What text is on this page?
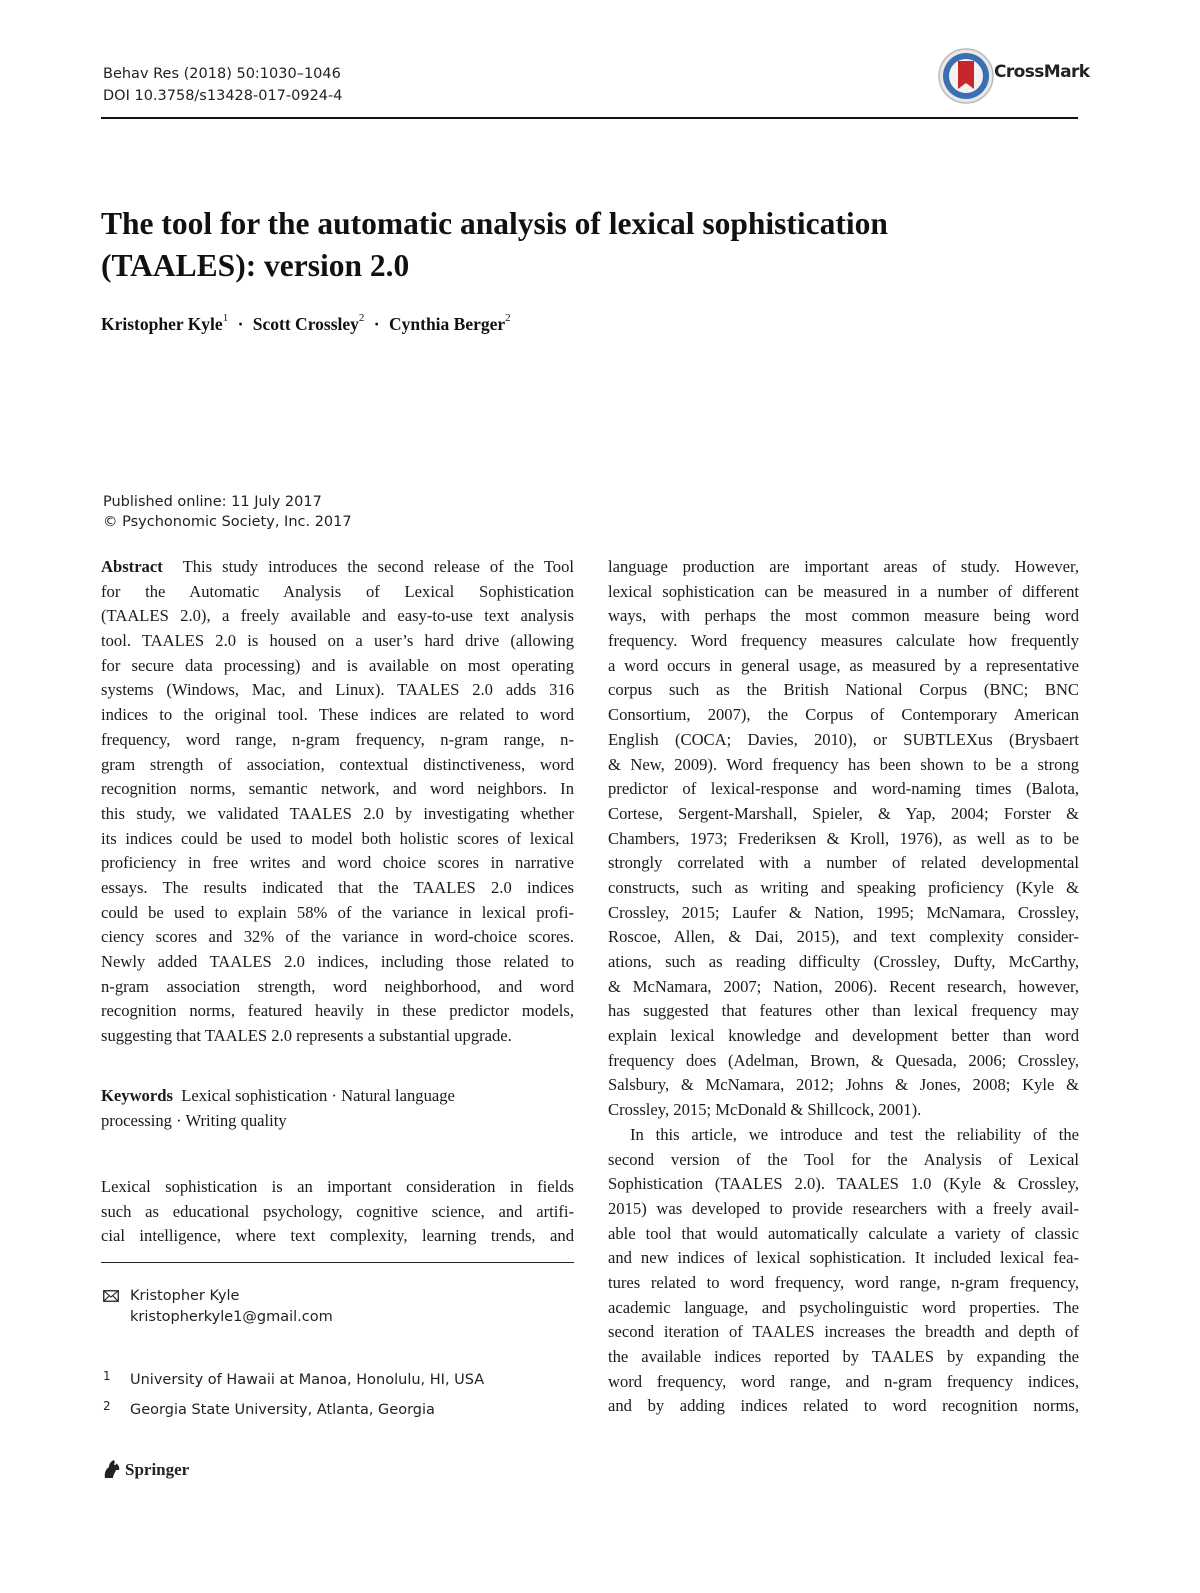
Behav Res (2018) 50:1030–1046
DOI 10.3758/s13428-017-0924-4
CrossMark
The tool for the automatic analysis of lexical sophistication
(TAALES): version 2.0
Kristopher Kyle$^1$ · Scott Crossley$^2$ · Cynthia Berger$^2$
Published online: 11 July 2017
© Psychonomic Society, Inc. 2017
Abstract This study introduces the second release of the Tool
for the Automatic Analysis of Lexical Sophistication
(TAALES 2.0), a freely available and easy-to-use text analysis
tool. TAALES 2.0 is housed on a user’s hard drive (allowing
for secure data processing) and is available on most operating
systems (Windows, Mac, and Linux). TAALES 2.0 adds 316
indices to the original tool. These indices are related to word
frequency, word range, n-gram frequency, n-gram range, n-
gram strength of association, contextual distinctiveness, word
recognition norms, semantic network, and word neighbors. In
this study, we validated TAALES 2.0 by investigating whether
its indices could be used to model both holistic scores of lexical
proficiency in free writes and word choice scores in narrative
essays. The results indicated that the TAALES 2.0 indices
could be used to explain 58% of the variance in lexical profi-
ciency scores and 32% of the variance in word-choice scores.
Newly added TAALES 2.0 indices, including those related to
n-gram association strength, word neighborhood, and word
recognition norms, featured heavily in these predictor models,
suggesting that TAALES 2.0 represents a substantial upgrade.
Keywords Lexical sophistication · Natural language
processing · Writing quality
Lexical sophistication is an important consideration in fields
such as educational psychology, cognitive science, and artifi-
cial intelligence, where text complexity, learning trends, and
Kristopher Kyle
kristopherkyle1@gmail.com
1 University of Hawaii at Manoa, Honolulu, HI, USA
2 Georgia State University, Atlanta, Georgia
Springer
language production are important areas of study. However,
lexical sophistication can be measured in a number of different
ways, with perhaps the most common measure being word
frequency. Word frequency measures calculate how frequently
a word occurs in general usage, as measured by a representative
corpus such as the British National Corpus (BNC; BNC
Consortium, 2007), the Corpus of Contemporary American
English (COCA; Davies, 2010), or SUBTLEXus (Brysbaert
& New, 2009). Word frequency has been shown to be a strong
predictor of lexical-response and word-naming times (Balota,
Cortese, Sergent-Marshall, Spieler, & Yap, 2004; Forster &
Chambers, 1973; Frederiksen & Kroll, 1976), as well as to be
strongly correlated with a number of related developmental
constructs, such as writing and speaking proficiency (Kyle &
Crossley, 2015; Laufer & Nation, 1995; McNamara, Crossley,
Roscoe, Allen, & Dai, 2015), and text complexity consider-
ations, such as reading difficulty (Crossley, Dufty, McCarthy,
& McNamara, 2007; Nation, 2006). Recent research, however,
has suggested that features other than lexical frequency may
explain lexical knowledge and development better than word
frequency does (Adelman, Brown, & Quesada, 2006; Crossley,
Salsbury, & McNamara, 2012; Johns & Jones, 2008; Kyle &
Crossley, 2015; McDonald & Shillcock, 2001).
In this article, we introduce and test the reliability of the
second version of the Tool for the Analysis of Lexical
Sophistication (TAALES 2.0). TAALES 1.0 (Kyle & Crossley,
2015) was developed to provide researchers with a freely avail-
able tool that would automatically calculate a variety of classic
and new indices of lexical sophistication. It included lexical fea-
tures related to word frequency, word range, n-gram frequency,
academic language, and psycholinguistic word properties. The
second iteration of TAALES increases the breadth and depth of
the available indices reported by TAALES by expanding the
word frequency, word range, and n-gram frequency indices,
and by adding indices related to word recognition norms,
